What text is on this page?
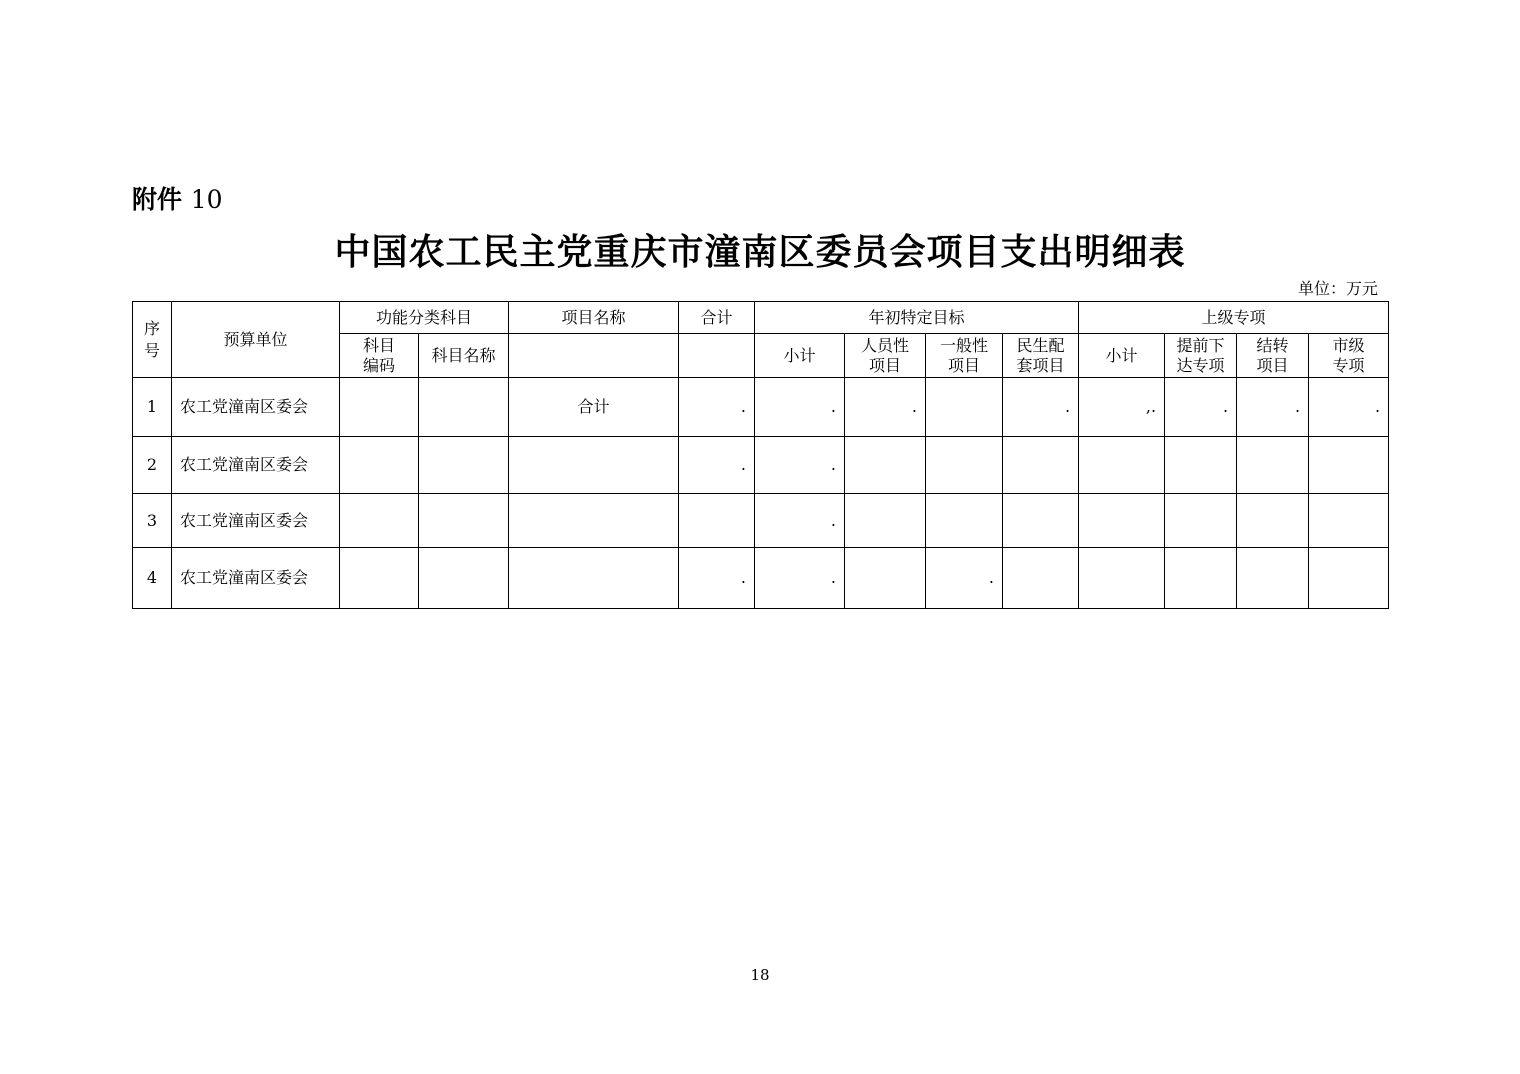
附件 10
中国农工民主党重庆市潼南区委员会项目支出明细表
单位：万元
序号	预算单位	功能分类科目		项目名称	合计	年初特定目标				上级专项			
		科目编码	科目名称			小计	人员性项目	一般性项目	民生配套项目	小计	提前下达专项	结转项目	市级专项
1	农工党潼南区委会			合计	.	.	.		.	,.	.	.	.
2	农工党潼南区委会				.	.							
3	农工党潼南区委会					.							
4	农工党潼南区委会				.	.		.					
18
